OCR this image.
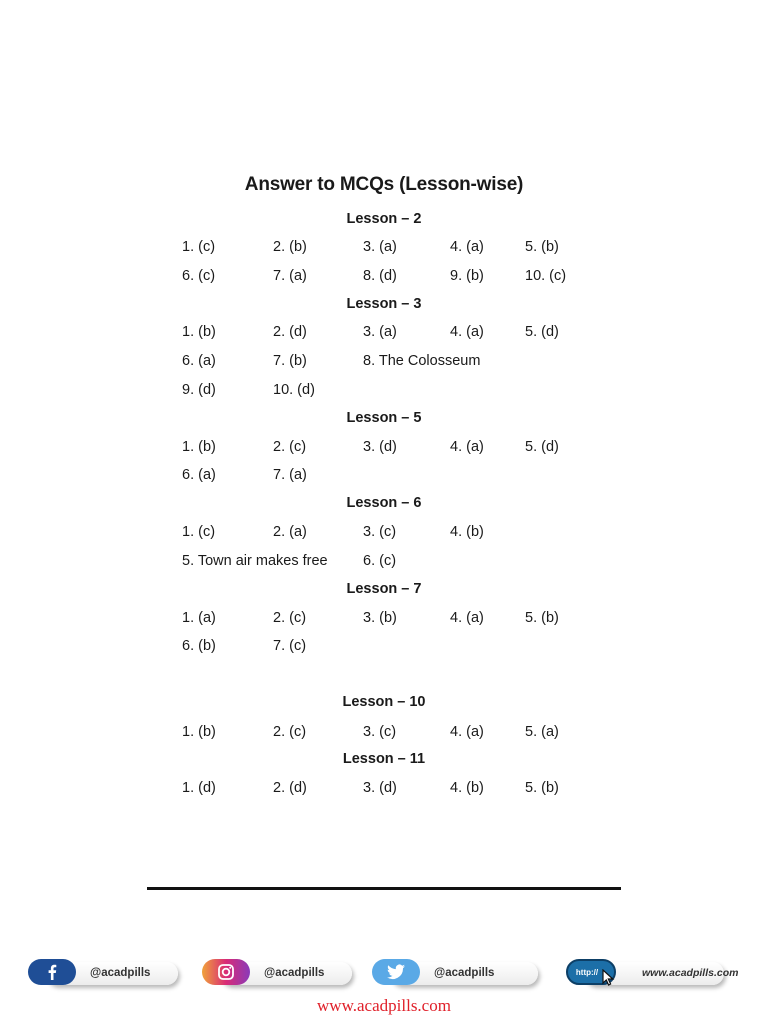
Answer to MCQs (Lesson-wise)
Lesson – 2
1. (c)	2. (b)	3. (a)	4. (a)	5. (b)
6. (c)	7. (a)	8. (d)	9. (b)	10. (c)
Lesson – 3
1. (b)	2. (d)	3. (a)	4. (a)	5. (d)
6. (a)	7. (b)	8. The Colosseum
9. (d)	10. (d)
Lesson – 5
1. (b)	2. (c)	3. (d)	4. (a)	5. (d)
6. (a)	7. (a)
Lesson – 6
1. (c)	2. (a)	3. (c)	4. (b)
5. Town air makes free 6. (c)
Lesson – 7
1. (a)	2. (c)	3. (b)	4. (a)	5. (b)
6. (b)	7. (c)
Lesson – 10
1. (b)	2. (c)	3. (c)	4. (a)	5. (a)
Lesson – 11
1. (d)	2. (d)	3. (d)	4. (b)	5. (b)
@acadpills	@acadpills	@acadpills	www.acadpills.com
http://
www.acadpills.com
